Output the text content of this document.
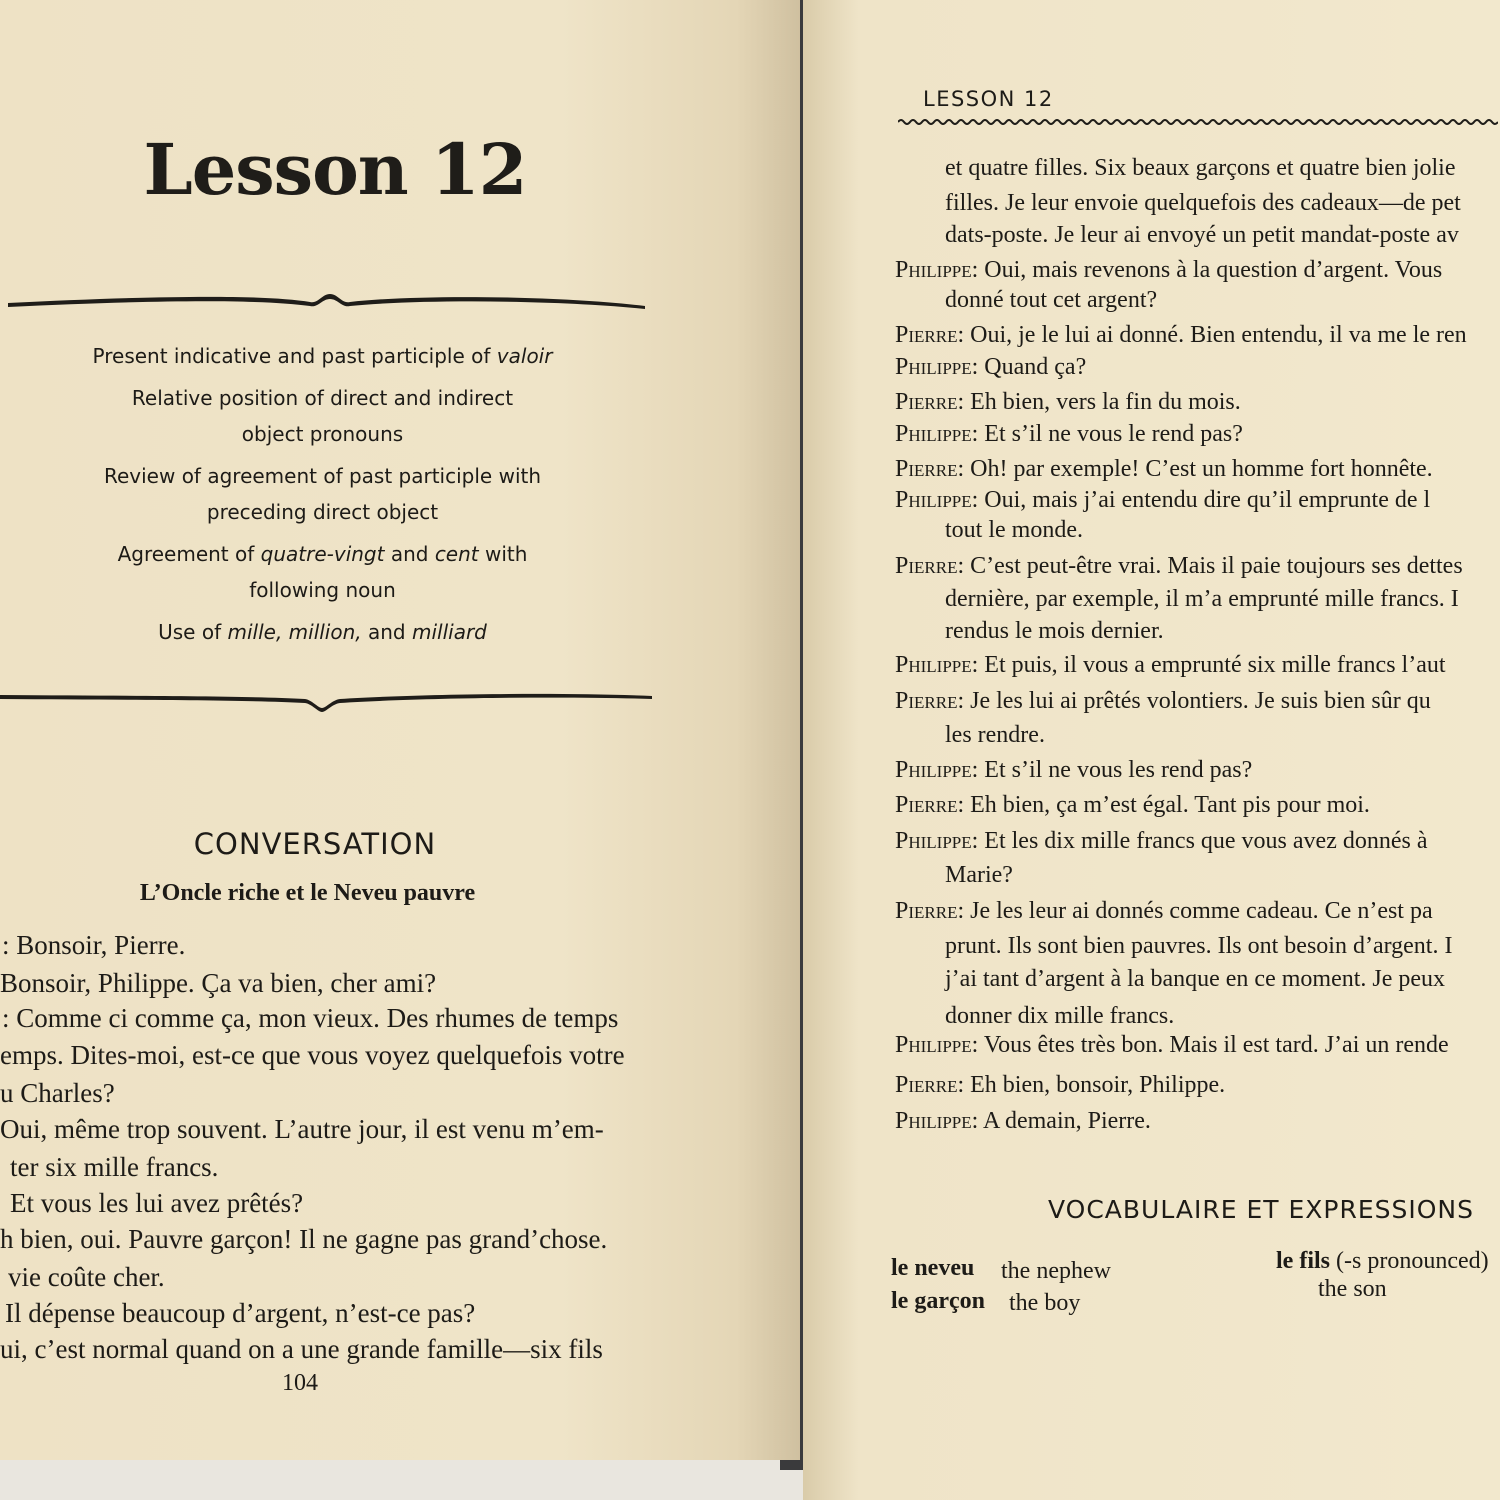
Lesson 12
Present indicative and past participle of valoir
Relative position of direct and indirect
object pronouns
Review of agreement of past participle with
preceding direct object
Agreement of quatre-vingt and cent with
following noun
Use of mille, million, and milliard
CONVERSATION
L’Oncle riche et le Neveu pauvre
: Bonsoir, Pierre.
Bonsoir, Philippe. Ça va bien, cher ami?
: Comme ci comme ça, mon vieux. Des rhumes de temps
emps. Dites-moi, est-ce que vous voyez quelquefois votre
u Charles?
Oui, même trop souvent. L’autre jour, il est venu m’em-
ter six mille francs.
Et vous les lui avez prêtés?
h bien, oui. Pauvre garçon! Il ne gagne pas grand’chose.
vie coûte cher.
Il dépense beaucoup d’argent, n’est-ce pas?
ui, c’est normal quand on a une grande famille—six fils
104
LESSON 12
et quatre filles. Six beaux garçons et quatre bien jolie
filles. Je leur envoie quelquefois des cadeaux—de pet
dats-poste. Je leur ai envoyé un petit mandat-poste av
Philippe: Oui, mais revenons à la question d’argent. Vous
donné tout cet argent?
Pierre: Oui, je le lui ai donné. Bien entendu, il va me le ren
Philippe: Quand ça?
Pierre: Eh bien, vers la fin du mois.
Philippe: Et s’il ne vous le rend pas?
Pierre: Oh! par exemple! C’est un homme fort honnête.
Philippe: Oui, mais j’ai entendu dire qu’il emprunte de l
tout le monde.
Pierre: C’est peut-être vrai. Mais il paie toujours ses dettes
dernière, par exemple, il m’a emprunté mille francs. I
rendus le mois dernier.
Philippe: Et puis, il vous a emprunté six mille francs l’aut
Pierre: Je les lui ai prêtés volontiers. Je suis bien sûr qu
les rendre.
Philippe: Et s’il ne vous les rend pas?
Pierre: Eh bien, ça m’est égal. Tant pis pour moi.
Philippe: Et les dix mille francs que vous avez donnés à
Marie?
Pierre: Je les leur ai donnés comme cadeau. Ce n’est pa
prunt. Ils sont bien pauvres. Ils ont besoin d’argent. I
j’ai tant d’argent à la banque en ce moment. Je peux
donner dix mille francs.
Philippe: Vous êtes très bon. Mais il est tard. J’ai un rende
Pierre: Eh bien, bonsoir, Philippe.
Philippe: A demain, Pierre.
VOCABULAIRE ET EXPRESSIONS
le neveu the nephew
le garçon the boy
le fils (-s pronounced)
the son
